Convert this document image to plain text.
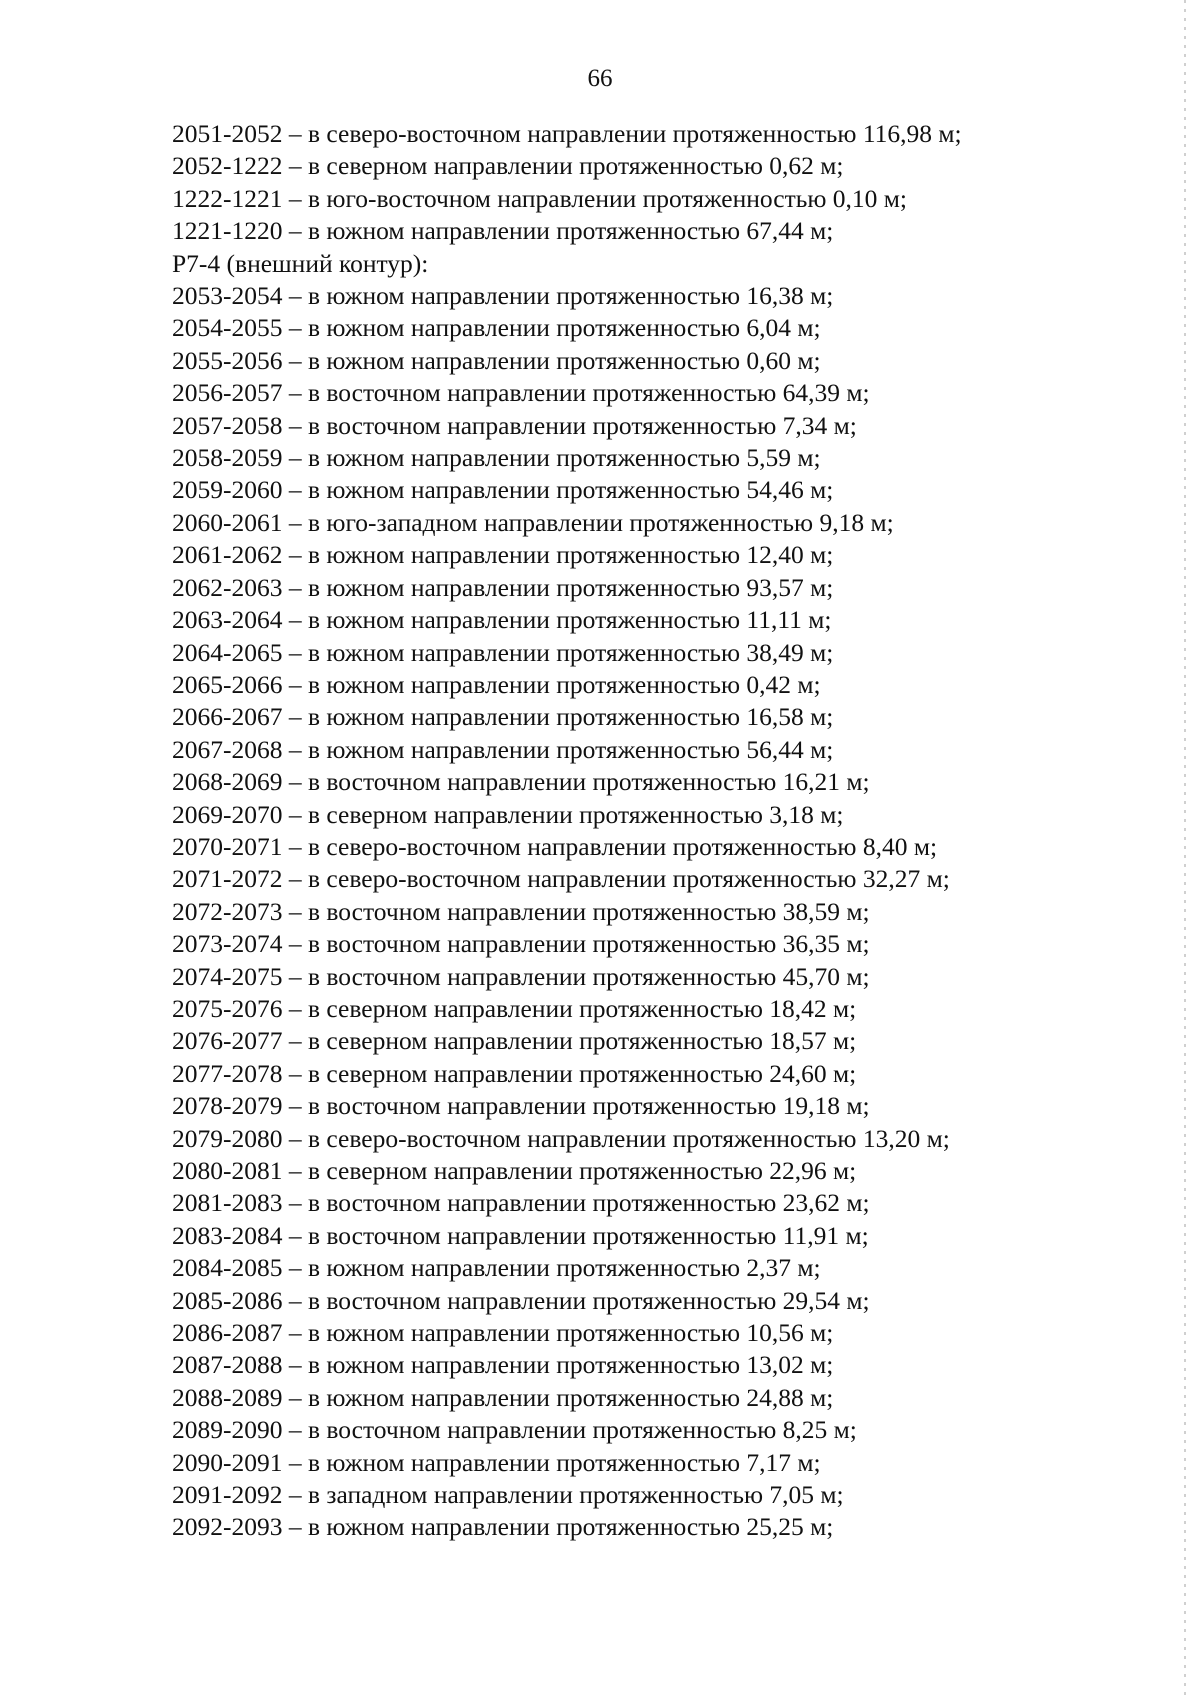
66
2051-2052 – в северо-восточном направлении протяженностью 116,98 м;
2052-1222 – в северном направлении протяженностью 0,62 м;
1222-1221 – в юго-восточном направлении протяженностью 0,10 м;
1221-1220 – в южном направлении протяженностью 67,44 м;
Р7-4 (внешний контур):
2053-2054 – в южном направлении протяженностью 16,38 м;
2054-2055 – в южном направлении протяженностью 6,04 м;
2055-2056 – в южном направлении протяженностью 0,60 м;
2056-2057 – в восточном направлении протяженностью 64,39 м;
2057-2058 – в восточном направлении протяженностью 7,34 м;
2058-2059 – в южном направлении протяженностью 5,59 м;
2059-2060 – в южном направлении протяженностью 54,46 м;
2060-2061 – в юго-западном направлении протяженностью 9,18 м;
2061-2062 – в южном направлении протяженностью 12,40 м;
2062-2063 – в южном направлении протяженностью 93,57 м;
2063-2064 – в южном направлении протяженностью 11,11 м;
2064-2065 – в южном направлении протяженностью 38,49 м;
2065-2066 – в южном направлении протяженностью 0,42 м;
2066-2067 – в южном направлении протяженностью 16,58 м;
2067-2068 – в южном направлении протяженностью 56,44 м;
2068-2069 – в восточном направлении протяженностью 16,21 м;
2069-2070 – в северном направлении протяженностью 3,18 м;
2070-2071 – в северо-восточном направлении протяженностью 8,40 м;
2071-2072 – в северо-восточном направлении протяженностью 32,27 м;
2072-2073 – в восточном направлении протяженностью 38,59 м;
2073-2074 – в восточном направлении протяженностью 36,35 м;
2074-2075 – в восточном направлении протяженностью 45,70 м;
2075-2076 – в северном направлении протяженностью 18,42 м;
2076-2077 – в северном направлении протяженностью 18,57 м;
2077-2078 – в северном направлении протяженностью 24,60 м;
2078-2079 – в восточном направлении протяженностью 19,18 м;
2079-2080 – в северо-восточном направлении протяженностью 13,20 м;
2080-2081 – в северном направлении протяженностью 22,96 м;
2081-2083 – в восточном направлении протяженностью 23,62 м;
2083-2084 – в восточном направлении протяженностью 11,91 м;
2084-2085 – в южном направлении протяженностью 2,37 м;
2085-2086 – в восточном направлении протяженностью 29,54 м;
2086-2087 – в южном направлении протяженностью 10,56 м;
2087-2088 – в южном направлении протяженностью 13,02 м;
2088-2089 – в южном направлении протяженностью 24,88 м;
2089-2090 – в восточном направлении протяженностью 8,25 м;
2090-2091 – в южном направлении протяженностью 7,17 м;
2091-2092 – в западном направлении протяженностью 7,05 м;
2092-2093 – в южном направлении протяженностью 25,25 м;
